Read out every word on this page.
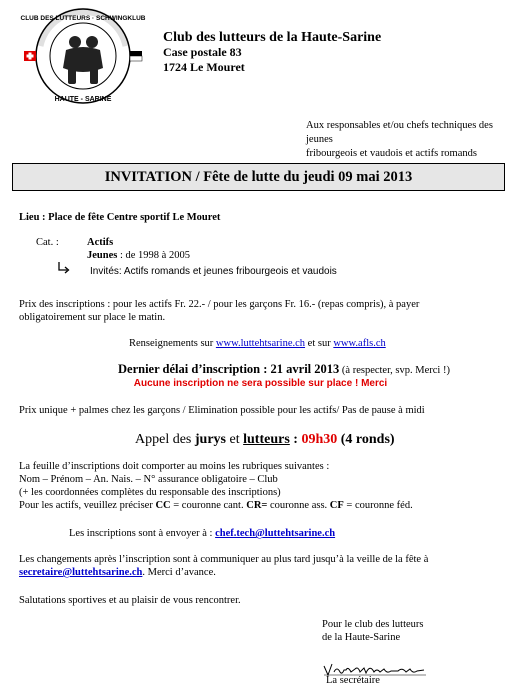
CLUB DES LUTTEURS · SCHWINGKLUB
HAUTE - SARINE
Club des lutteurs de la Haute-Sarine
Case postale 83
1724 Le Mouret
Aux responsables et/ou chefs techniques des jeunes
fribourgeois et vaudois et actifs romands
INVITATION / Fête de lutte du jeudi 09 mai 2013
Lieu : Place de fête Centre sportif Le Mouret
Cat. :	Actifs
Jeunes : de 1998 à 2005
Invités: Actifs romands et jeunes fribourgeois et vaudois
Prix des inscriptions : pour les actifs Fr. 22.- / pour les garçons Fr. 16.- (repas compris), à payer
obligatoirement sur place le matin.
Renseignements sur www.luttehtsarine.ch et sur www.afls.ch
Dernier délai d’inscription : 21 avril 2013 (à respecter, svp. Merci !)
Aucune inscription ne sera possible sur place ! Merci
Prix unique + palmes chez les garçons / Elimination possible pour les actifs/ Pas de pause à midi
Appel des jurys et lutteurs : 09h30 (4 ronds)
La feuille d’inscriptions doit comporter au moins les rubriques suivantes :
Nom – Prénom – An. Nais. – N° assurance obligatoire – Club
(+ les coordonnées complètes du responsable des inscriptions)
Pour les actifs, veuillez préciser CC = couronne cant. CR= couronne ass. CF = couronne féd.
Les inscriptions sont à envoyer à : chef.tech@luttehtsarine.ch
Les changements après l’inscription sont à communiquer au plus tard jusqu’à la veille de la fête à
secretaire@luttehtsarine.ch. Merci d’avance.
Salutations sportives et au plaisir de vous rencontrer.
Pour le club des lutteurs
de la Haute-Sarine
La secrétaire
